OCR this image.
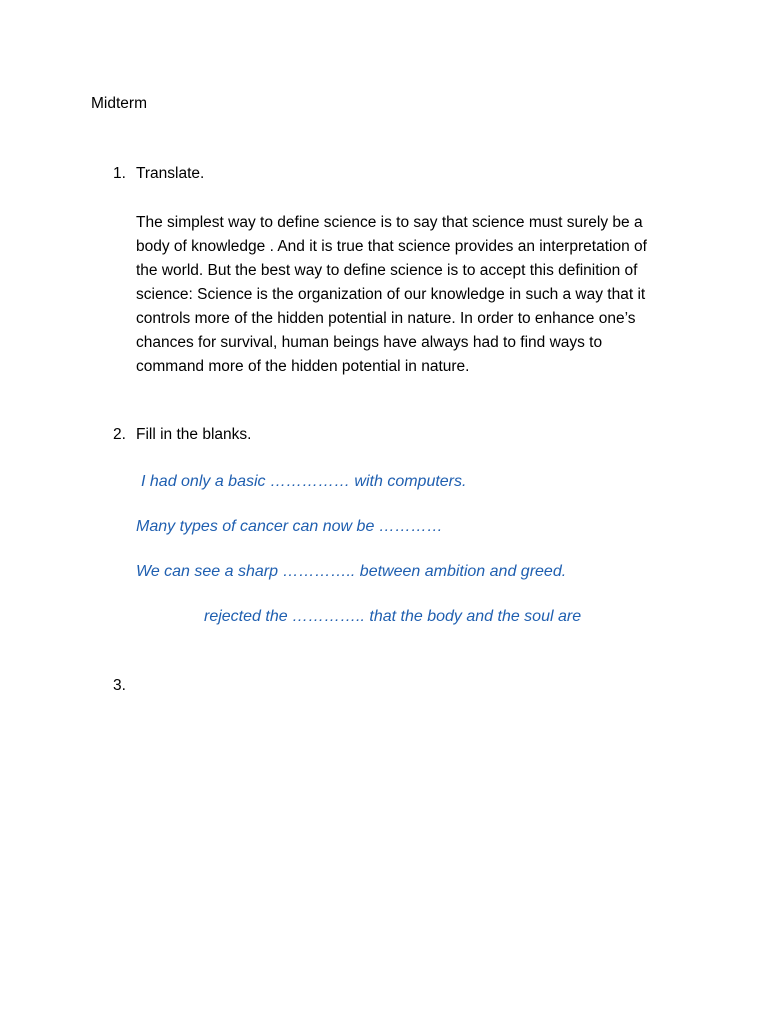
Midterm
1. Translate.
The simplest way to define science is to say that science must surely be a
body of knowledge . And it is true that science provides an interpretation of
the world. But the best way to define science is to accept this definition of
science: Science is the organization of our knowledge in such a way that it
controls more of the hidden potential in nature. In order to enhance one’s
chances for survival, human beings have always had to find ways to
command more of the hidden potential in nature.
2. Fill in the blanks.
I had only a basic …………… with computers.
Many types of cancer can now be …………
We can see a sharp ………….. between ambition and greed.
rejected the ………….. that the body and the soul are
3.
